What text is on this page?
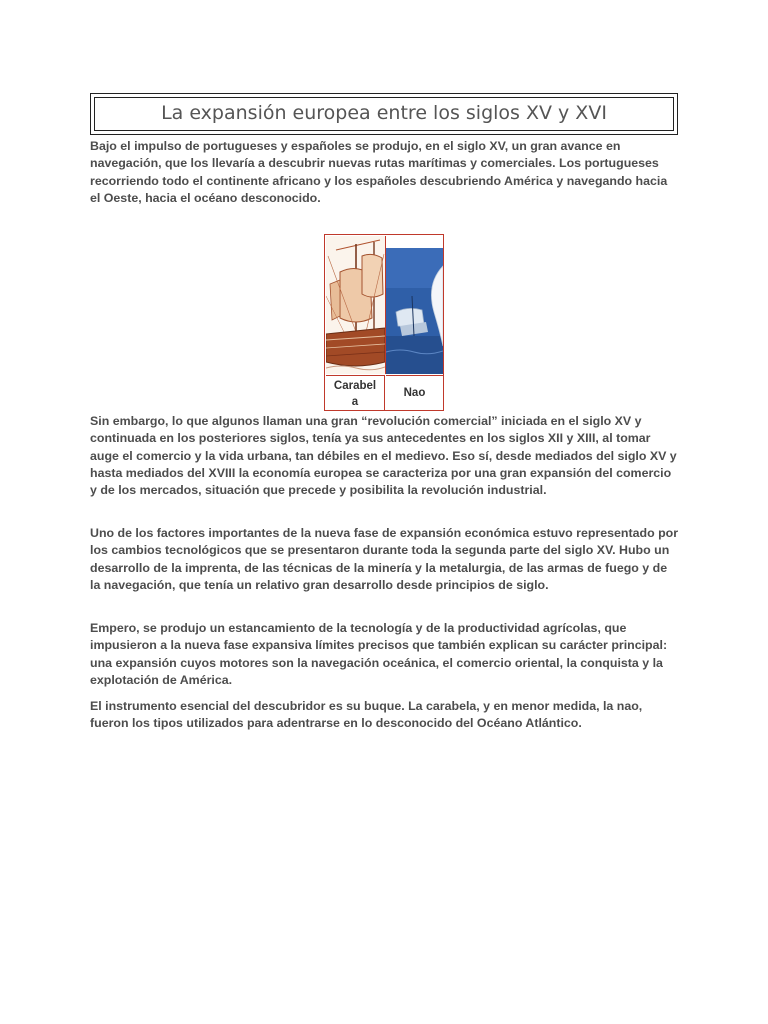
La expansión europea entre los siglos XV y XVI

Bajo el impulso de portugueses y españoles se produjo, en el siglo XV, un gran avance en navegación, que los llevaría a descubrir nuevas rutas marítimas y comerciales. Los portugueses recorriendo todo el continente africano y los españoles descubriendo América y navegando hacia el Oeste, hacia el océano desconocido.

Carabel
a
Nao

Sin embargo, lo que algunos llaman una gran “revolución comercial” iniciada en el siglo XV y continuada en los posteriores siglos, tenía ya sus antecedentes en los siglos XII y XIII, al tomar auge el comercio y la vida urbana, tan débiles en el medievo. Eso sí, desde mediados del siglo XV y hasta mediados del XVIII la economía europea se caracteriza por una gran expansión del comercio y de los mercados, situación que precede y posibilita la revolución industrial.

Uno de los factores importantes de la nueva fase de expansión económica estuvo representado por los cambios tecnológicos que se presentaron durante toda la segunda parte del siglo XV. Hubo un desarrollo de la imprenta, de las técnicas de la minería y la metalurgia, de las armas de fuego y de la navegación, que tenía un relativo gran desarrollo desde principios de siglo.

Empero, se produjo un estancamiento de la tecnología y de la productividad agrícolas, que impusieron a la nueva fase expansiva límites precisos que también explican su carácter principal: una expansión cuyos motores son la navegación oceánica, el comercio oriental, la conquista y la explotación de América.

El instrumento esencial del descubridor es su buque. La carabela, y en menor medida, la nao, fueron los tipos utilizados para adentrarse en lo desconocido del Océano Atlántico.
